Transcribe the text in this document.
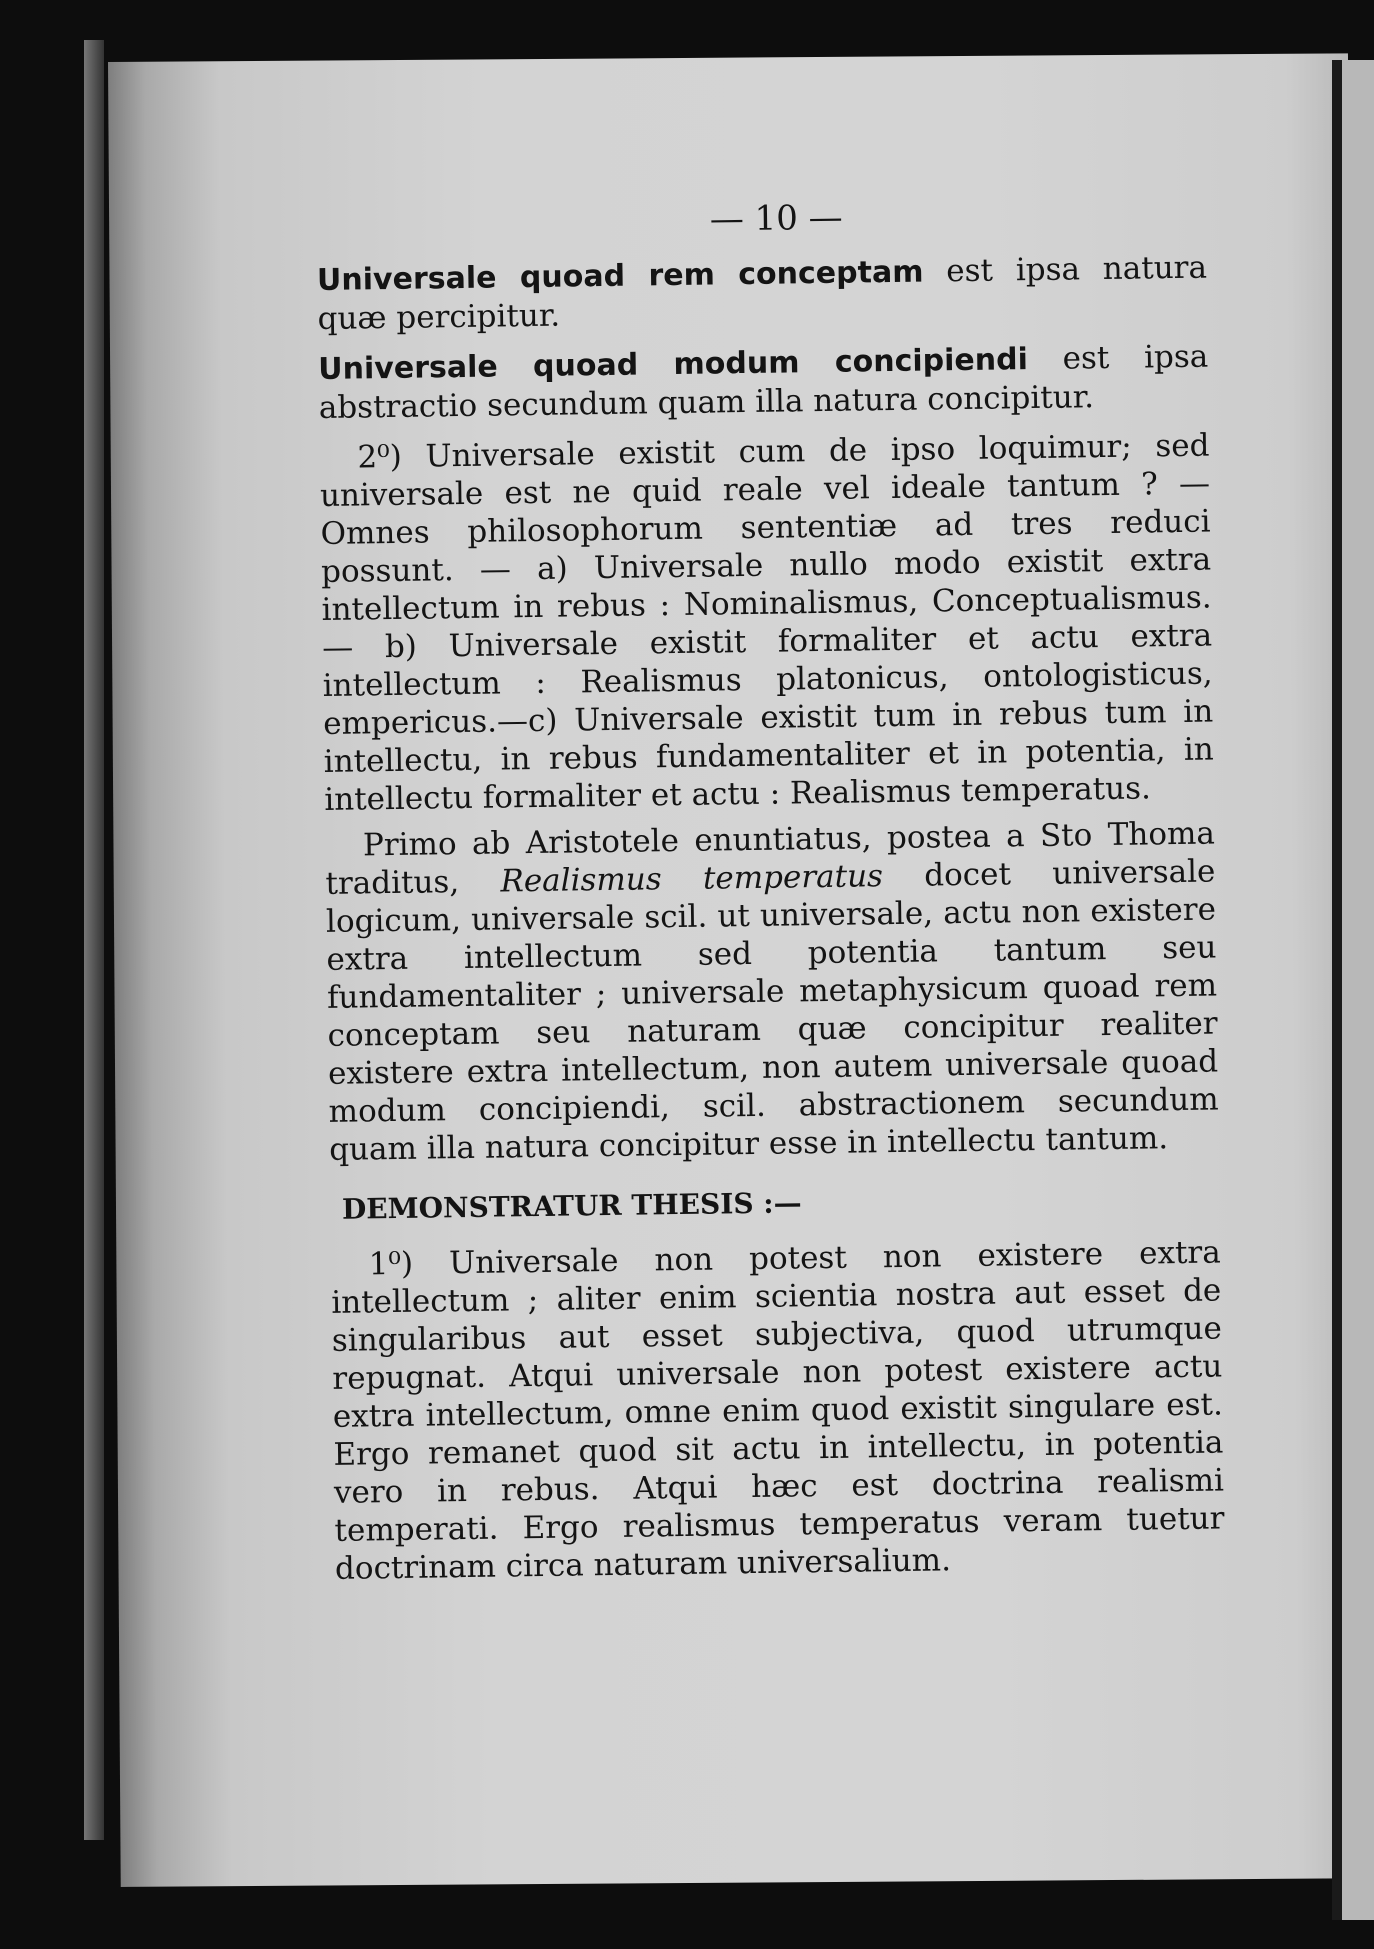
— 10 —

Universale quoad rem conceptam est ipsa natura quæ percipitur.

Universale quoad modum concipiendi est ipsa abstractio secundum quam illa natura concipitur.

2⁰) Universale existit cum de ipso loquimur; sed universale est ne quid reale vel ideale tantum ? —Omnes philosophorum sententiæ ad tres reduci possunt. — a) Universale nullo modo existit extra intellectum in rebus : Nominalismus, Conceptualismus.— b) Universale existit formaliter et actu extra intellectum : Realismus platonicus, ontologisticus, empericus.—c) Universale existit tum in rebus tum in intellectu, in rebus fundamentaliter et in potentia, in intellectu formaliter et actu : Realismus temperatus.

Primo ab Aristotele enuntiatus, postea a Sto Thoma traditus, Realismus temperatus docet universale logicum, universale scil. ut universale, actu non existere extra intellectum sed potentia tantum seu fundamentaliter ; universale metaphysicum quoad rem conceptam seu naturam quæ concipitur realiter existere extra intellectum, non autem universale quoad modum concipiendi, scil. abstractionem secundum quam illa natura concipitur esse in intellectu tantum.

DEMONSTRATUR THESIS :—

1⁰) Universale non potest non existere extra intellectum ; aliter enim scientia nostra aut esset de singularibus aut esset subjectiva, quod utrumque repugnat. Atqui universale non potest existere actu extra intellectum, omne enim quod existit singulare est. Ergo remanet quod sit actu in intellectu, in potentia vero in rebus. Atqui hæc est doctrina realismi temperati. Ergo realismus temperatus veram tuetur doctrinam circa naturam universalium.
